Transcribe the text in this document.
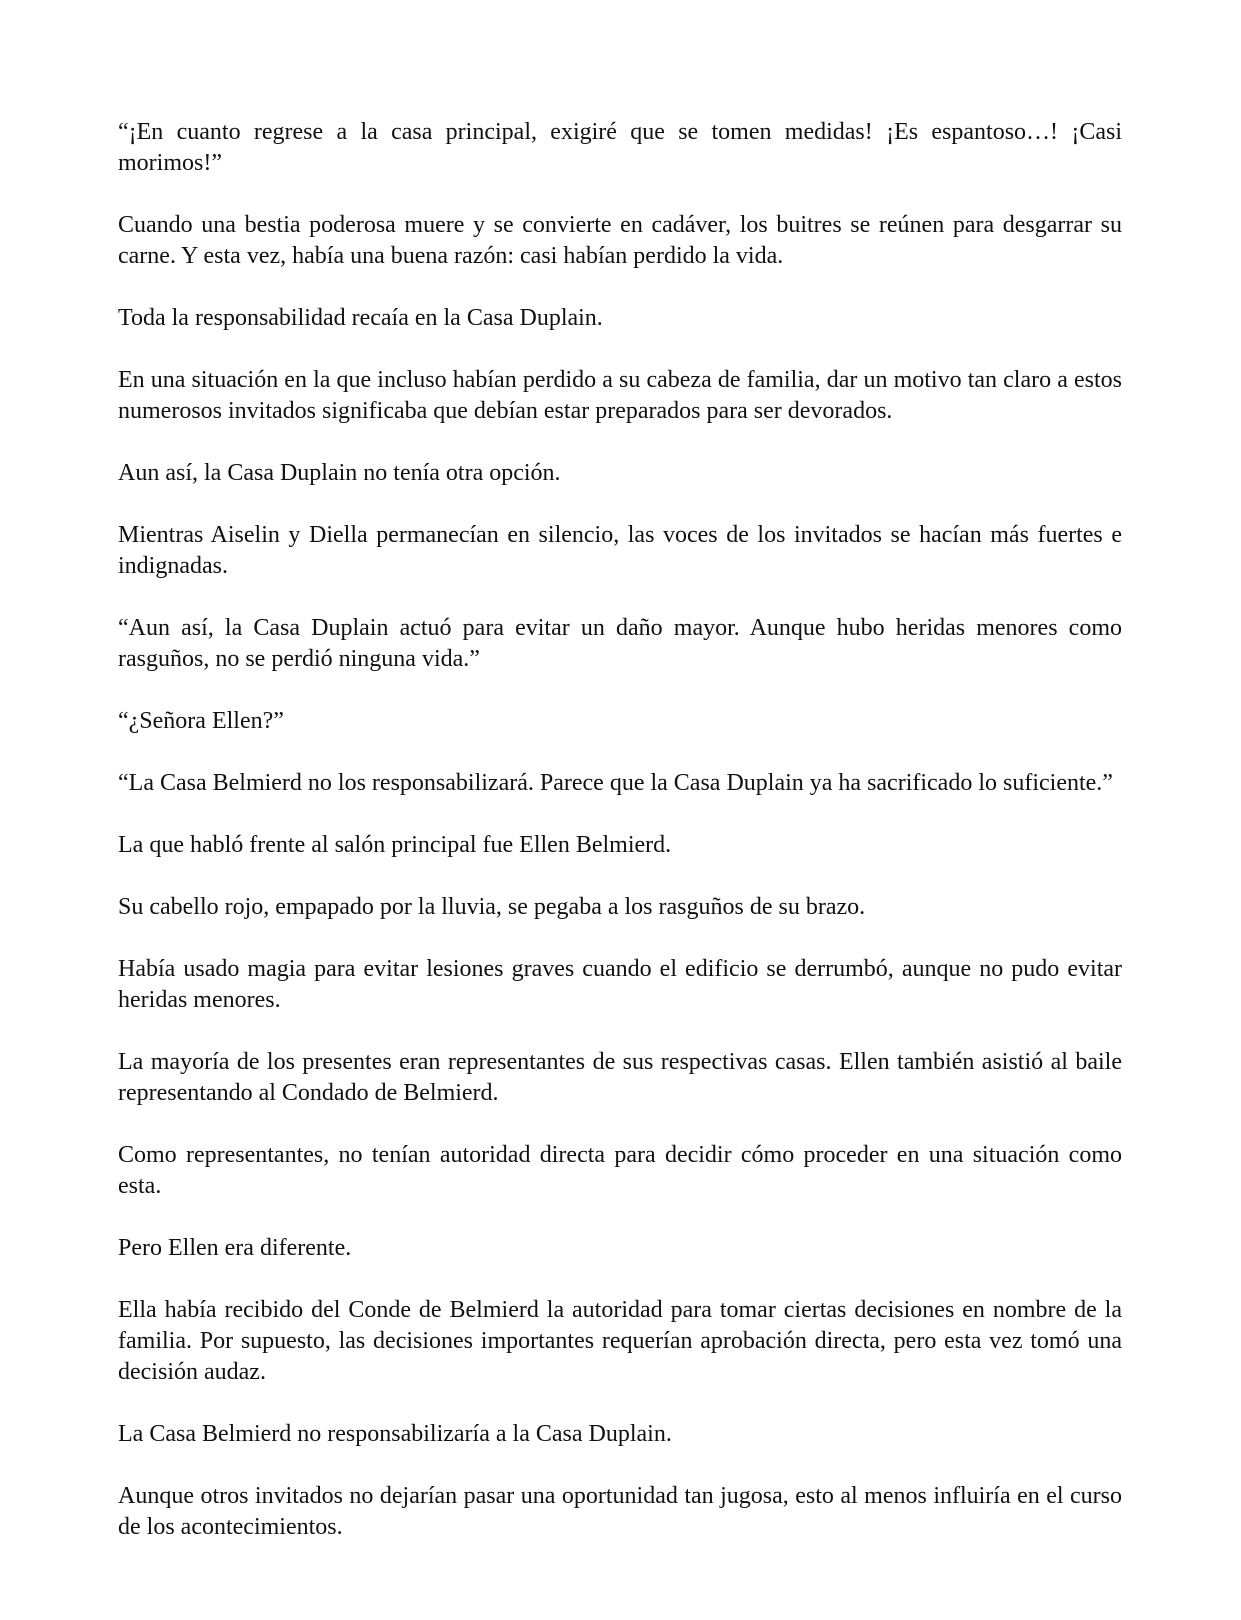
“¡En cuanto regrese a la casa principal, exigiré que se tomen medidas! ¡Es espantoso…! ¡Casi morimos!”

Cuando una bestia poderosa muere y se convierte en cadáver, los buitres se reúnen para desgarrar su carne. Y esta vez, había una buena razón: casi habían perdido la vida.

Toda la responsabilidad recaía en la Casa Duplain.

En una situación en la que incluso habían perdido a su cabeza de familia, dar un motivo tan claro a estos numerosos invitados significaba que debían estar preparados para ser devorados.

Aun así, la Casa Duplain no tenía otra opción.

Mientras Aiselin y Diella permanecían en silencio, las voces de los invitados se hacían más fuertes e indignadas.

“Aun así, la Casa Duplain actuó para evitar un daño mayor. Aunque hubo heridas menores como rasguños, no se perdió ninguna vida.”

“¿Señora Ellen?”

“La Casa Belmierd no los responsabilizará. Parece que la Casa Duplain ya ha sacrificado lo suficiente.”

La que habló frente al salón principal fue Ellen Belmierd.

Su cabello rojo, empapado por la lluvia, se pegaba a los rasguños de su brazo.

Había usado magia para evitar lesiones graves cuando el edificio se derrumbó, aunque no pudo evitar heridas menores.

La mayoría de los presentes eran representantes de sus respectivas casas. Ellen también asistió al baile representando al Condado de Belmierd.

Como representantes, no tenían autoridad directa para decidir cómo proceder en una situación como esta.

Pero Ellen era diferente.

Ella había recibido del Conde de Belmierd la autoridad para tomar ciertas decisiones en nombre de la familia. Por supuesto, las decisiones importantes requerían aprobación directa, pero esta vez tomó una decisión audaz.

La Casa Belmierd no responsabilizaría a la Casa Duplain.

Aunque otros invitados no dejarían pasar una oportunidad tan jugosa, esto al menos influiría en el curso de los acontecimientos.
